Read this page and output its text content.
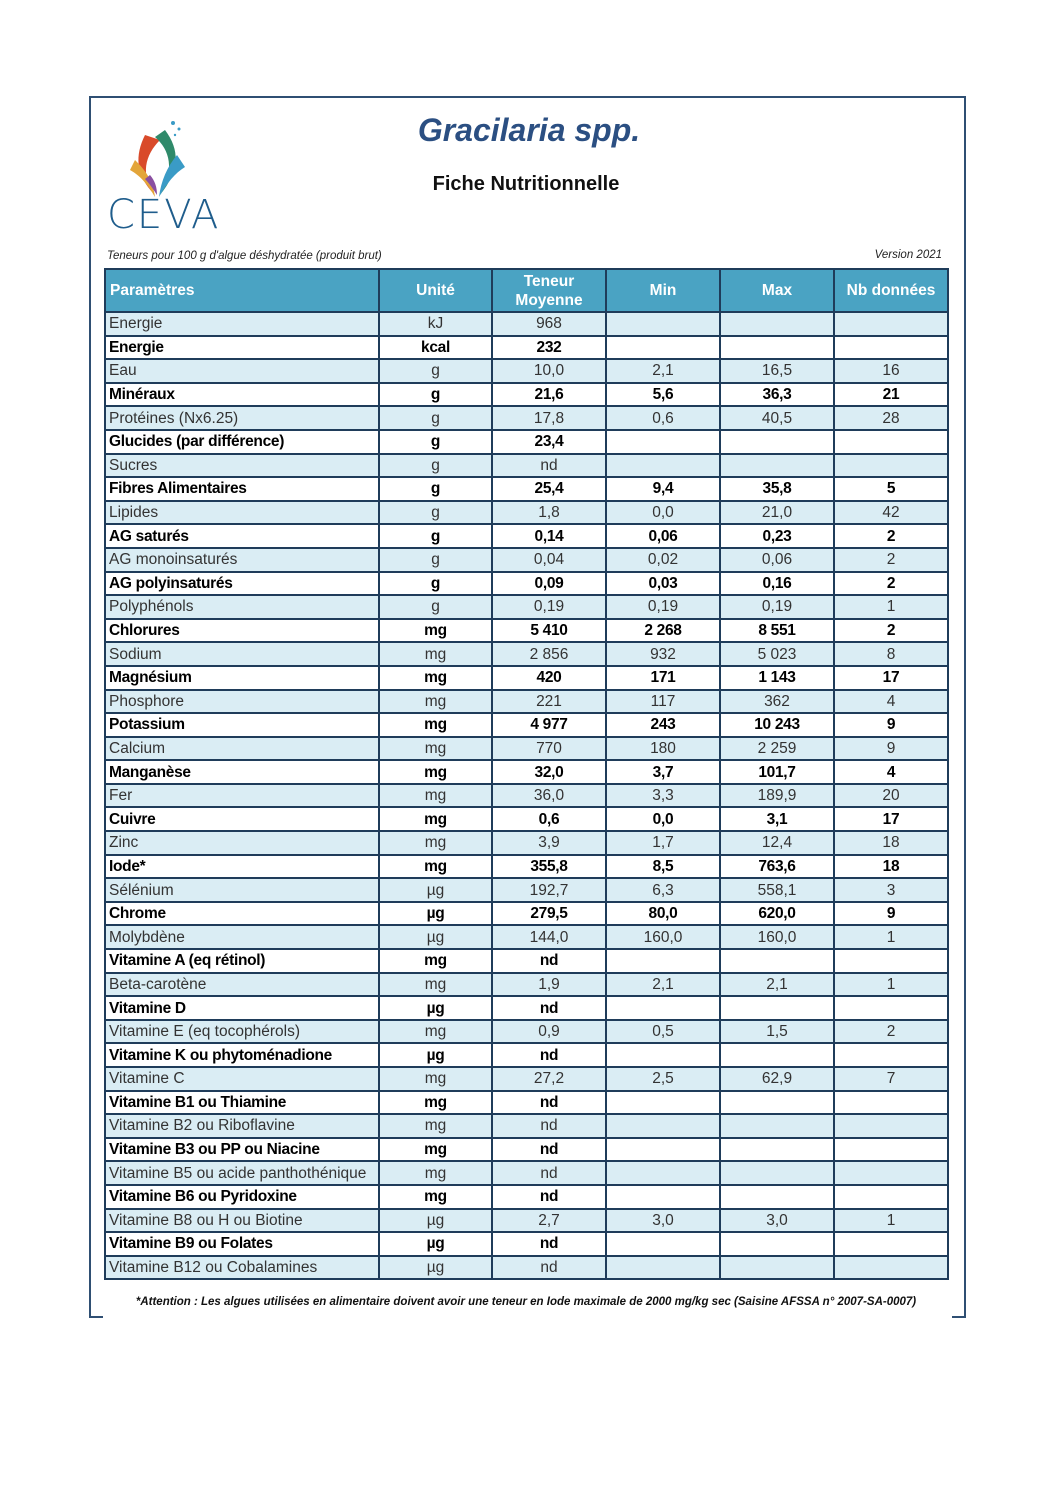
CEVA
Gracilaria spp.
Fiche Nutritionnelle
Teneurs pour 100 g d'algue déshydratée (produit brut)	Version 2021
Paramètres	Unité	Teneur Moyenne	Min	Max	Nb données
Energie	kJ	968			
Energie	kcal	232			
Eau	g	10,0	2,1	16,5	16
Minéraux	g	21,6	5,6	36,3	21
Protéines (Nx6.25)	g	17,8	0,6	40,5	28
Glucides (par différence)	g	23,4			
Sucres	g	nd			
Fibres Alimentaires	g	25,4	9,4	35,8	5
Lipides	g	1,8	0,0	21,0	42
AG saturés	g	0,14	0,06	0,23	2
AG monoinsaturés	g	0,04	0,02	0,06	2
AG polyinsaturés	g	0,09	0,03	0,16	2
Polyphénols	g	0,19	0,19	0,19	1
Chlorures	mg	5 410	2 268	8 551	2
Sodium	mg	2 856	932	5 023	8
Magnésium	mg	420	171	1 143	17
Phosphore	mg	221	117	362	4
Potassium	mg	4 977	243	10 243	9
Calcium	mg	770	180	2 259	9
Manganèse	mg	32,0	3,7	101,7	4
Fer	mg	36,0	3,3	189,9	20
Cuivre	mg	0,6	0,0	3,1	17
Zinc	mg	3,9	1,7	12,4	18
Iode*	mg	355,8	8,5	763,6	18
Sélénium	µg	192,7	6,3	558,1	3
Chrome	µg	279,5	80,0	620,0	9
Molybdène	µg	144,0	160,0	160,0	1
Vitamine A (eq rétinol)	mg	nd			
Beta-carotène	mg	1,9	2,1	2,1	1
Vitamine D	µg	nd			
Vitamine E (eq tocophérols)	mg	0,9	0,5	1,5	2
Vitamine K ou phytoménadione	µg	nd			
Vitamine C	mg	27,2	2,5	62,9	7
Vitamine B1 ou Thiamine	mg	nd			
Vitamine B2 ou Riboflavine	mg	nd			
Vitamine B3 ou PP ou Niacine	mg	nd			
Vitamine B5 ou acide panthothénique	mg	nd			
Vitamine B6 ou Pyridoxine	mg	nd			
Vitamine B8 ou H ou Biotine	µg	2,7	3,0	3,0	1
Vitamine B9 ou Folates	µg	nd			
Vitamine B12 ou Cobalamines	µg	nd			
*Attention : Les algues utilisées en alimentaire doivent avoir une teneur en Iode maximale de 2000 mg/kg sec (Saisine AFSSA n° 2007-SA-0007)
